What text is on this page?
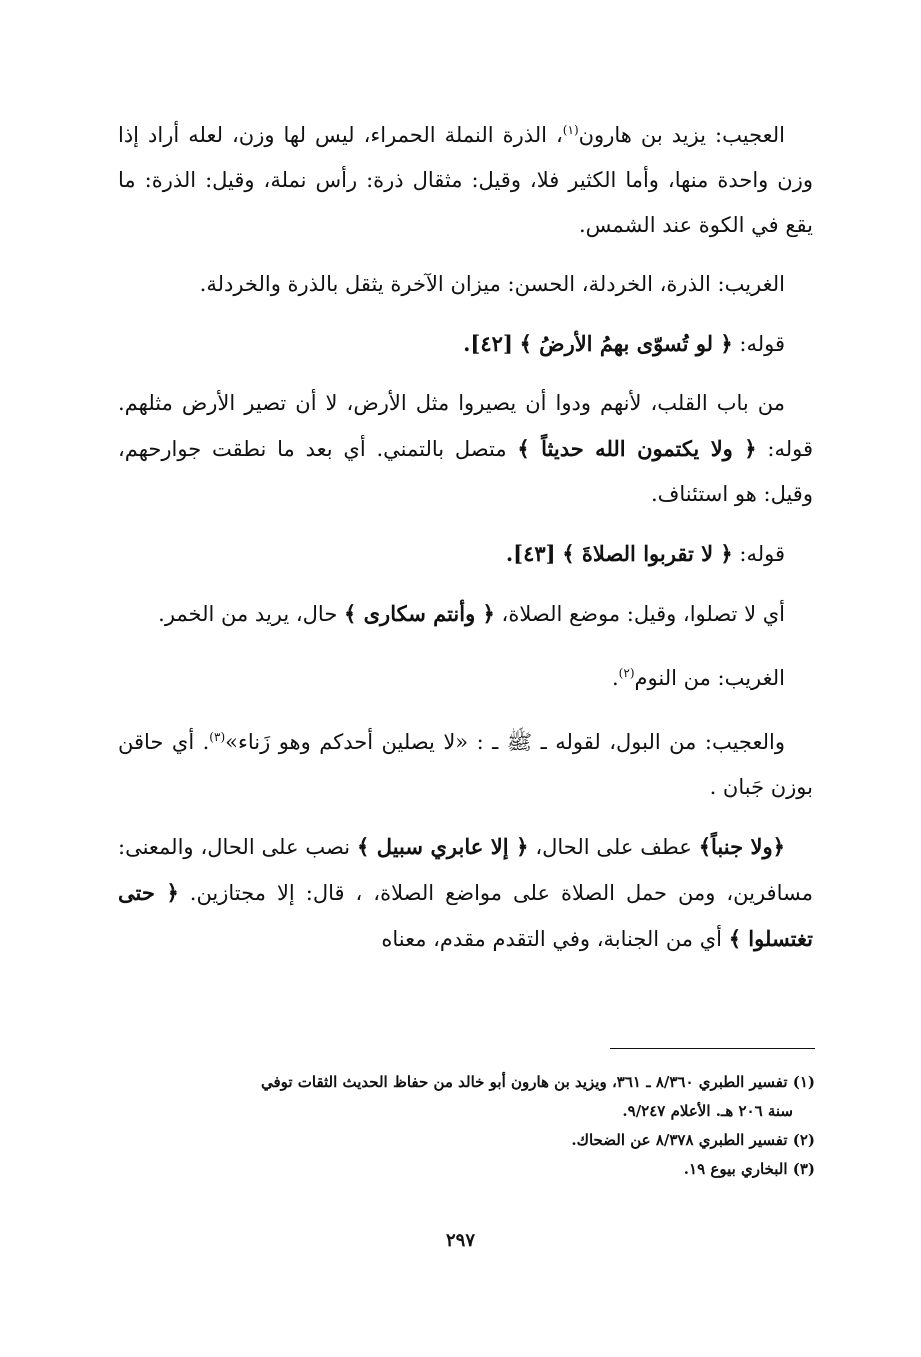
العجيب: يزيد بن هارون$^{(١)}$، الذرة النملة الحمراء، ليس لها وزن، لعله أراد إذا وزن واحدة منها، وأما الكثير فلا، وقيل: مثقال ذرة: رأس نملة، وقيل: الذرة: ما يقع في الكوة عند الشمس.

الغريب: الذرة، الخردلة، الحسن: ميزان الآخرة يثقل بالذرة والخردلة.

قوله: ﴿ لو تُسوّى بهمُ الأرضُ ﴾ [٤٢].

من باب القلب، لأنهم ودوا أن يصيروا مثل الأرض، لا أن تصير الأرض مثلهم. قوله: ﴿ ولا يكتمون الله حديثاً ﴾ متصل بالتمني. أي بعد ما نطقت جوارحهم، وقيل: هو استئناف.

قوله: ﴿ لا تقربوا الصلاةَ ﴾ [٤٣].

أي لا تصلوا، وقيل: موضع الصلاة، ﴿ وأنتم سكارى ﴾ حال، يريد من الخمر.

الغريب: من النوم$^{(٢)}$.

والعجيب: من البول، لقوله ـ ﷺ ـ : «لا يصلين أحدكم وهو زَناء»$^{(٣)}$. أي حاقن بوزن جَبان .

﴿ولا جنباً﴾ عطف على الحال، ﴿ إلا عابري سبيل ﴾ نصب على الحال، والمعنى: مسافرين، ومن حمل الصلاة على مواضع الصلاة، ، قال: إلا مجتازين. ﴿ حتى تغتسلوا ﴾ أي من الجنابة، وفي التقدم مقدم، معناه

(١) تفسير الطبري ٨/٣٦٠ ـ ٣٦١، ويزيد بن هارون أبو خالد من حفاظ الحديث الثقات توفي

سنة ٢٠٦ هـ. الأعلام ٩/٢٤٧.

(٢) تفسير الطبري ٨/٣٧٨ عن الضحاك.

(٣) البخاري بيوع ١٩.

٢٩٧
